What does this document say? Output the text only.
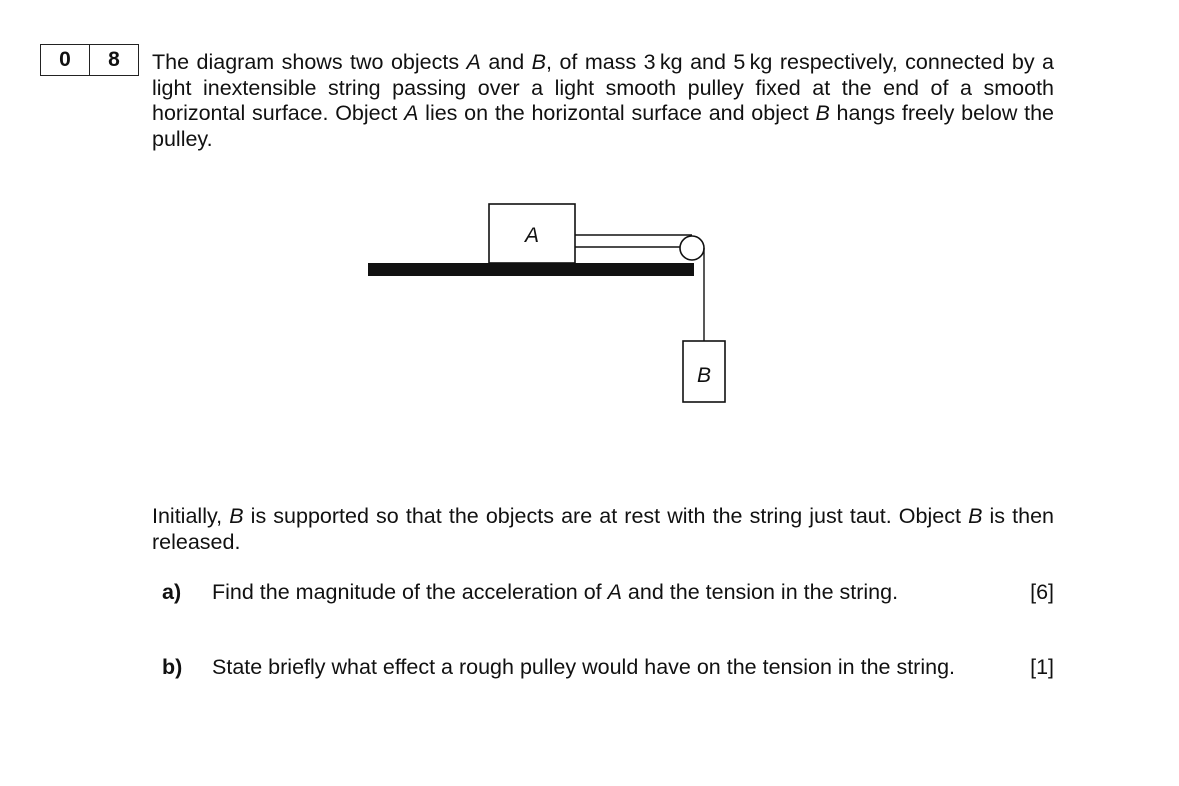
0	8	The diagram shows two objects A and B, of mass 3 kg and 5 kg respectively, connected by a light inextensible string passing over a light smooth pulley fixed at the end of a smooth horizontal surface. Object A lies on the horizontal surface and object B hangs freely below the pulley.

A
B

Initially, B is supported so that the objects are at rest with the string just taut. Object B is then released.

a)	Find the magnitude of the acceleration of A and the tension in the string.	[6]
b)	State briefly what effect a rough pulley would have on the tension in the string.	[1]
